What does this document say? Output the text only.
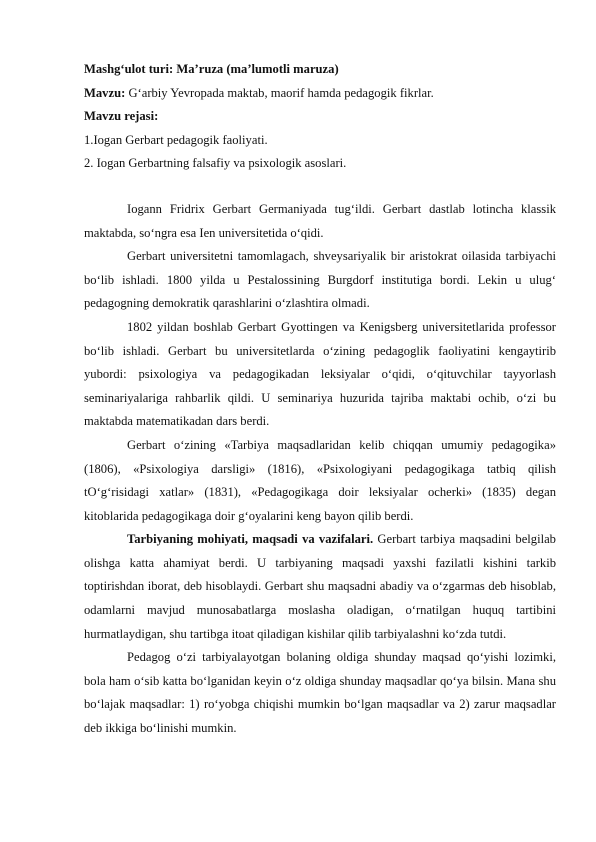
Mashg‘ulot turi: Ma’ruza (ma’lumotli maruza)

Mavzu: G‘arbiy Yevropada maktab, maorif hamda pedagogik fikrlar.

Mavzu rejasi:

1.Iogan Gerbart pedagogik faoliyati.

2. Iogan Gerbartning falsafiy va psixologik asoslari.

Iogann Fridrix Gerbart Germaniyada tug‘ildi. Gerbart dastlab lotincha klassik maktabda, so‘ngra esa Ien universitetida o‘qidi.

Gerbart universitetni tamomlagach, shveysariyalik bir aristokrat oilasida tarbiyachi bo‘lib ishladi. 1800 yilda u Pestalossining Burgdorf institutiga bordi. Lekin u ulug‘ pedagogning demokratik qarashlarini o‘zlashtira olmadi.

1802 yildan boshlab Gerbart Gyottingen va Kenigsberg universitetlarida professor bo‘lib ishladi. Gerbart bu universitetlarda o‘zining pedagoglik faoliyatini kengaytirib yubordi: psixologiya va pedagogikadan leksiyalar o‘qidi, o‘qituvchilar tayyorlash seminariyalariga rahbarlik qildi. U seminariya huzurida tajriba maktabi ochib, o‘zi bu maktabda matematikadan dars berdi.

Gerbart o‘zining «Tarbiya maqsadlaridan kelib chiqqan umumiy pedagogika» (1806), «Psixologiya darsligi» (1816), «Psixologiyani pedagogikaga tatbiq qilish tO‘g‘risidagi xatlar» (1831), «Pedagogikaga doir leksiyalar ocherki» (1835) degan kitoblarida pedagogikaga doir g‘oyalarini keng bayon qilib berdi.

Tarbiyaning mohiyati, maqsadi va vazifalari. Gerbart tarbiya maqsadini belgilab olishga katta ahamiyat berdi. U tarbiyaning maqsadi yaxshi fazilatli kishini tarkib toptirishdan iborat, deb hisoblaydi. Gerbart shu maqsadni abadiy va o‘zgarmas deb hisoblab, odamlarni mavjud munosabatlarga moslasha oladigan, o‘rnatilgan huquq tartibini hurmatlaydigan, shu tartibga itoat qiladigan kishilar qilib tarbiyalashni ko‘zda tutdi.

Pedagog o‘zi tarbiyalayotgan bolaning oldiga shunday maqsad qo‘yishi lozimki, bola ham o‘sib katta bo‘lganidan keyin o‘z oldiga shunday maqsadlar qo‘ya bilsin. Mana shu bo‘lajak maqsadlar: 1) ro‘yobga chiqishi mumkin bo‘lgan maqsadlar va 2) zarur maqsadlar deb ikkiga bo‘linishi mumkin.
